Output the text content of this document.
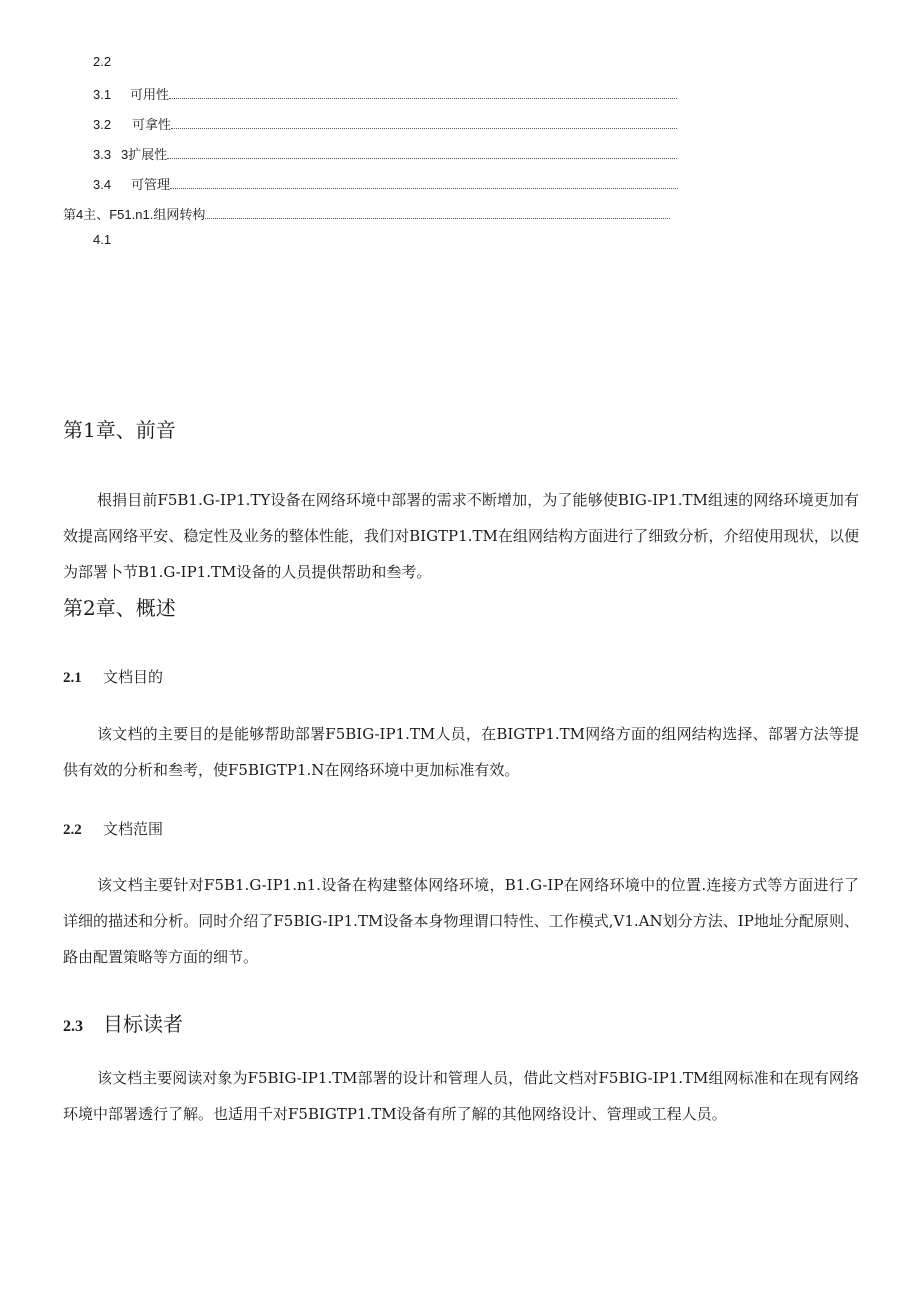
2.2
3.1	可用性
3.2	可拿性
3.3 3扩展性
3.4	可管理
第4主、F51.n1.组网转构
4.1
第1章、前音
根捐目前F5B1.G-IP1.TY设备在网络环境中部署的需求不断增加，为了能够使BIG-IP1.TM组速的网络环境更加有效提高网络平安、稳定性及业务的整体性能，我们对BIGTP1.TM在组网结构方面进行了细致分析，介绍使用现状，以便为部署卜节B1.G-IP1.TM设备的人员提供帮助和叁考。
第2章、概述
2.1 文档目的
该文档的主要目的是能够帮助部署F5BIG-IP1.TM人员，在BIGTP1.TM网络方面的组网结构选择、部署方法等提供有效的分析和叁考，使F5BIGTP1.N在网络环境中更加标准有效。
2.2 文档范围
该文档主要针对F5B1.G-IP1.n1.设备在构建整体网络环境，B1.G-IP在网络环境中的位置.连接方式等方面进行了详细的描述和分析。同时介绍了F5BIG-IP1.TM设备本身物理谓口特性、工作模式,V1.AN划分方法、IP地址分配原则、路由配置策略等方面的细节。
2.3 目标读者
该文档主要阅读对象为F5BIG-IP1.TM部署的设计和管理人员，借此文档对F5BIG-IP1.TM组网标准和在现有网络环境中部署透行了解。也适用千对F5BIGTP1.TM设备有所了解的其他网络设计、管理或工程人员。
